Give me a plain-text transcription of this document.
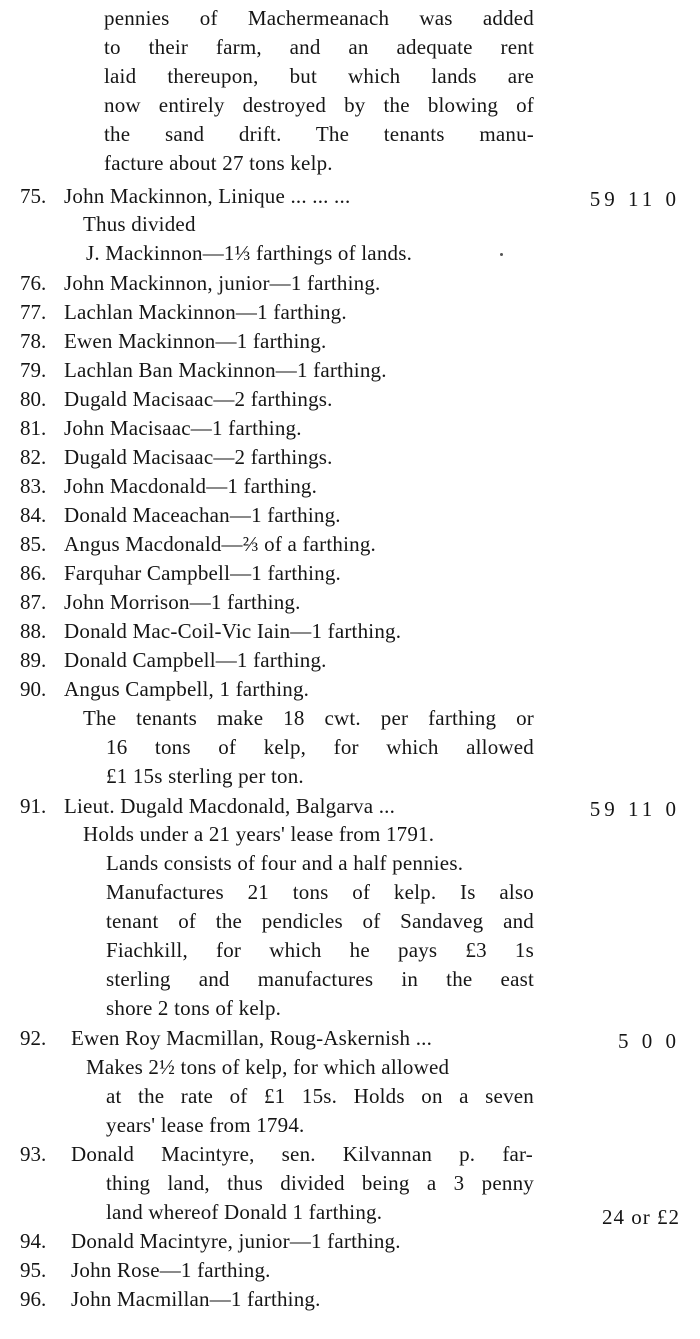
pennies of Machermeanach was added
to their farm, and an adequate rent
laid thereupon, but which lands are
now entirely destroyed by the blowing of
the sand drift. The tenants manu-
facture about 27 tons kelp.
75. John Mackinnon, Linique ... ... ...	59 11 0
Thus divided
J. Mackinnon—1⅓ farthings of lands.
76. John Mackinnon, junior—1 farthing.
77. Lachlan Mackinnon—1 farthing.
78. Ewen Mackinnon—1 farthing.
79. Lachlan Ban Mackinnon—1 farthing.
80. Dugald Macisaac—2 farthings.
81. John Macisaac—1 farthing.
82. Dugald Macisaac—2 farthings.
83. John Macdonald—1 farthing.
84. Donald Maceachan—1 farthing.
85. Angus Macdonald—⅔ of a farthing.
86. Farquhar Campbell—1 farthing.
87. John Morrison—1 farthing.
88. Donald Mac-Coil-Vic Iain—1 farthing.
89. Donald Campbell—1 farthing.
90. Angus Campbell, 1 farthing.
The tenants make 18 cwt. per farthing or
16 tons of kelp, for which allowed
£1 15s sterling per ton.
91. Lieut. Dugald Macdonald, Balgarva ...	59 11 0
Holds under a 21 years' lease from 1791.
Lands consists of four and a half pennies.
Manufactures 21 tons of kelp. Is also
tenant of the pendicles of Sandaveg and
Fiachkill, for which he pays £3 1s
sterling and manufactures in the east
shore 2 tons of kelp.
92. Ewen Roy Macmillan, Roug-Askernish ...	5 0 0
Makes 2½ tons of kelp, for which allowed
at the rate of £1 15s. Holds on a seven
years' lease from 1794.
93. Donald Macintyre, sen. Kilvannan p. far-
thing land, thus divided being a 3 penny
land whereof Donald 1 farthing.	24 or £2
94. Donald Macintyre, junior—1 farthing.
95. John Rose—1 farthing.
96. John Macmillan—1 farthing.
